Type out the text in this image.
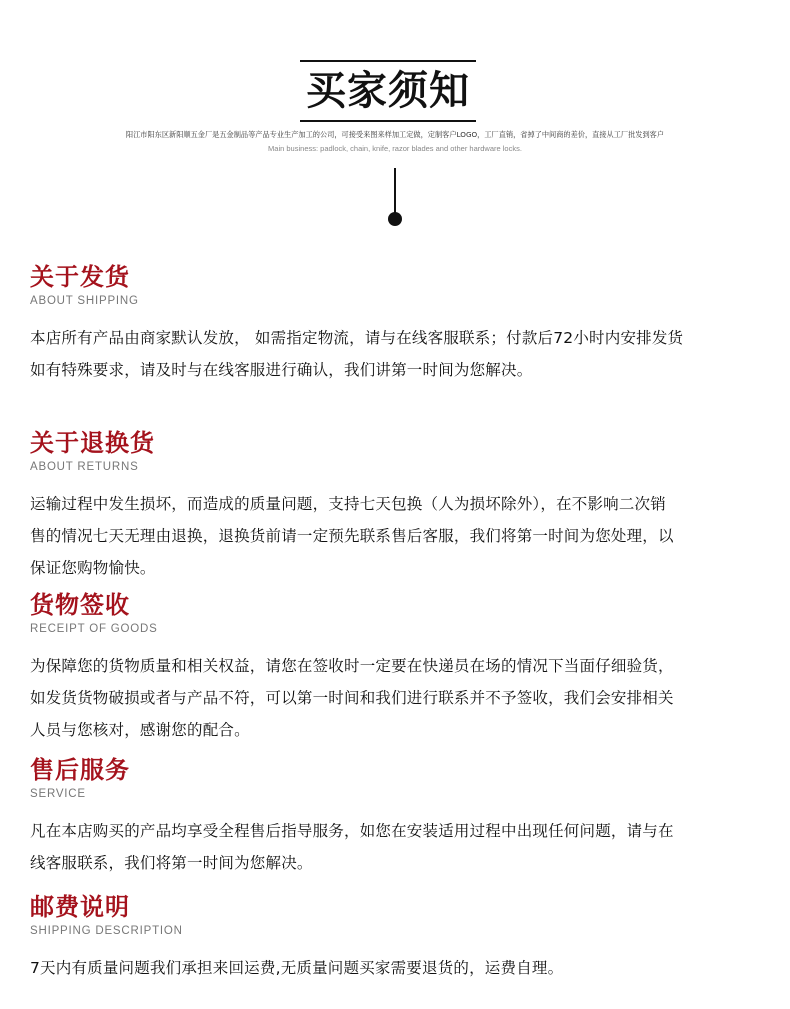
买家须知
阳江市阳东区新阳顺五金厂是五金制品等产品专业生产加工的公司，可接受来图来样加工定做，定制客户LOGO，工厂直销，省掉了中间商的差价，直接从工厂批发到客户
Main business: padlock, chain, knife, razor blades and other hardware locks.
关于发货
ABOUT SHIPPING
本店所有产品由商家默认发放， 如需指定物流，请与在线客服联系；付款后72小时内安排发货
如有特殊要求，请及时与在线客服进行确认，我们讲第一时间为您解决。
关于退换货
ABOUT RETURNS
运输过程中发生损坏，而造成的质量问题，支持七天包换（人为损坏除外），在不影响二次销
售的情况七天无理由退换，退换货前请一定预先联系售后客服，我们将第一时间为您处理，以
保证您购物愉快。
货物签收
RECEIPT OF GOODS
为保障您的货物质量和相关权益，请您在签收时一定要在快递员在场的情况下当面仔细验货，
如发货货物破损或者与产品不符，可以第一时间和我们进行联系并不予签收，我们会安排相关
人员与您核对，感谢您的配合。
售后服务
SERVICE
凡在本店购买的产品均享受全程售后指导服务，如您在安装适用过程中出现任何问题，请与在
线客服联系，我们将第一时间为您解决。
邮费说明
SHIPPING DESCRIPTION
7天内有质量问题我们承担来回运费,无质量问题买家需要退货的，运费自理。
